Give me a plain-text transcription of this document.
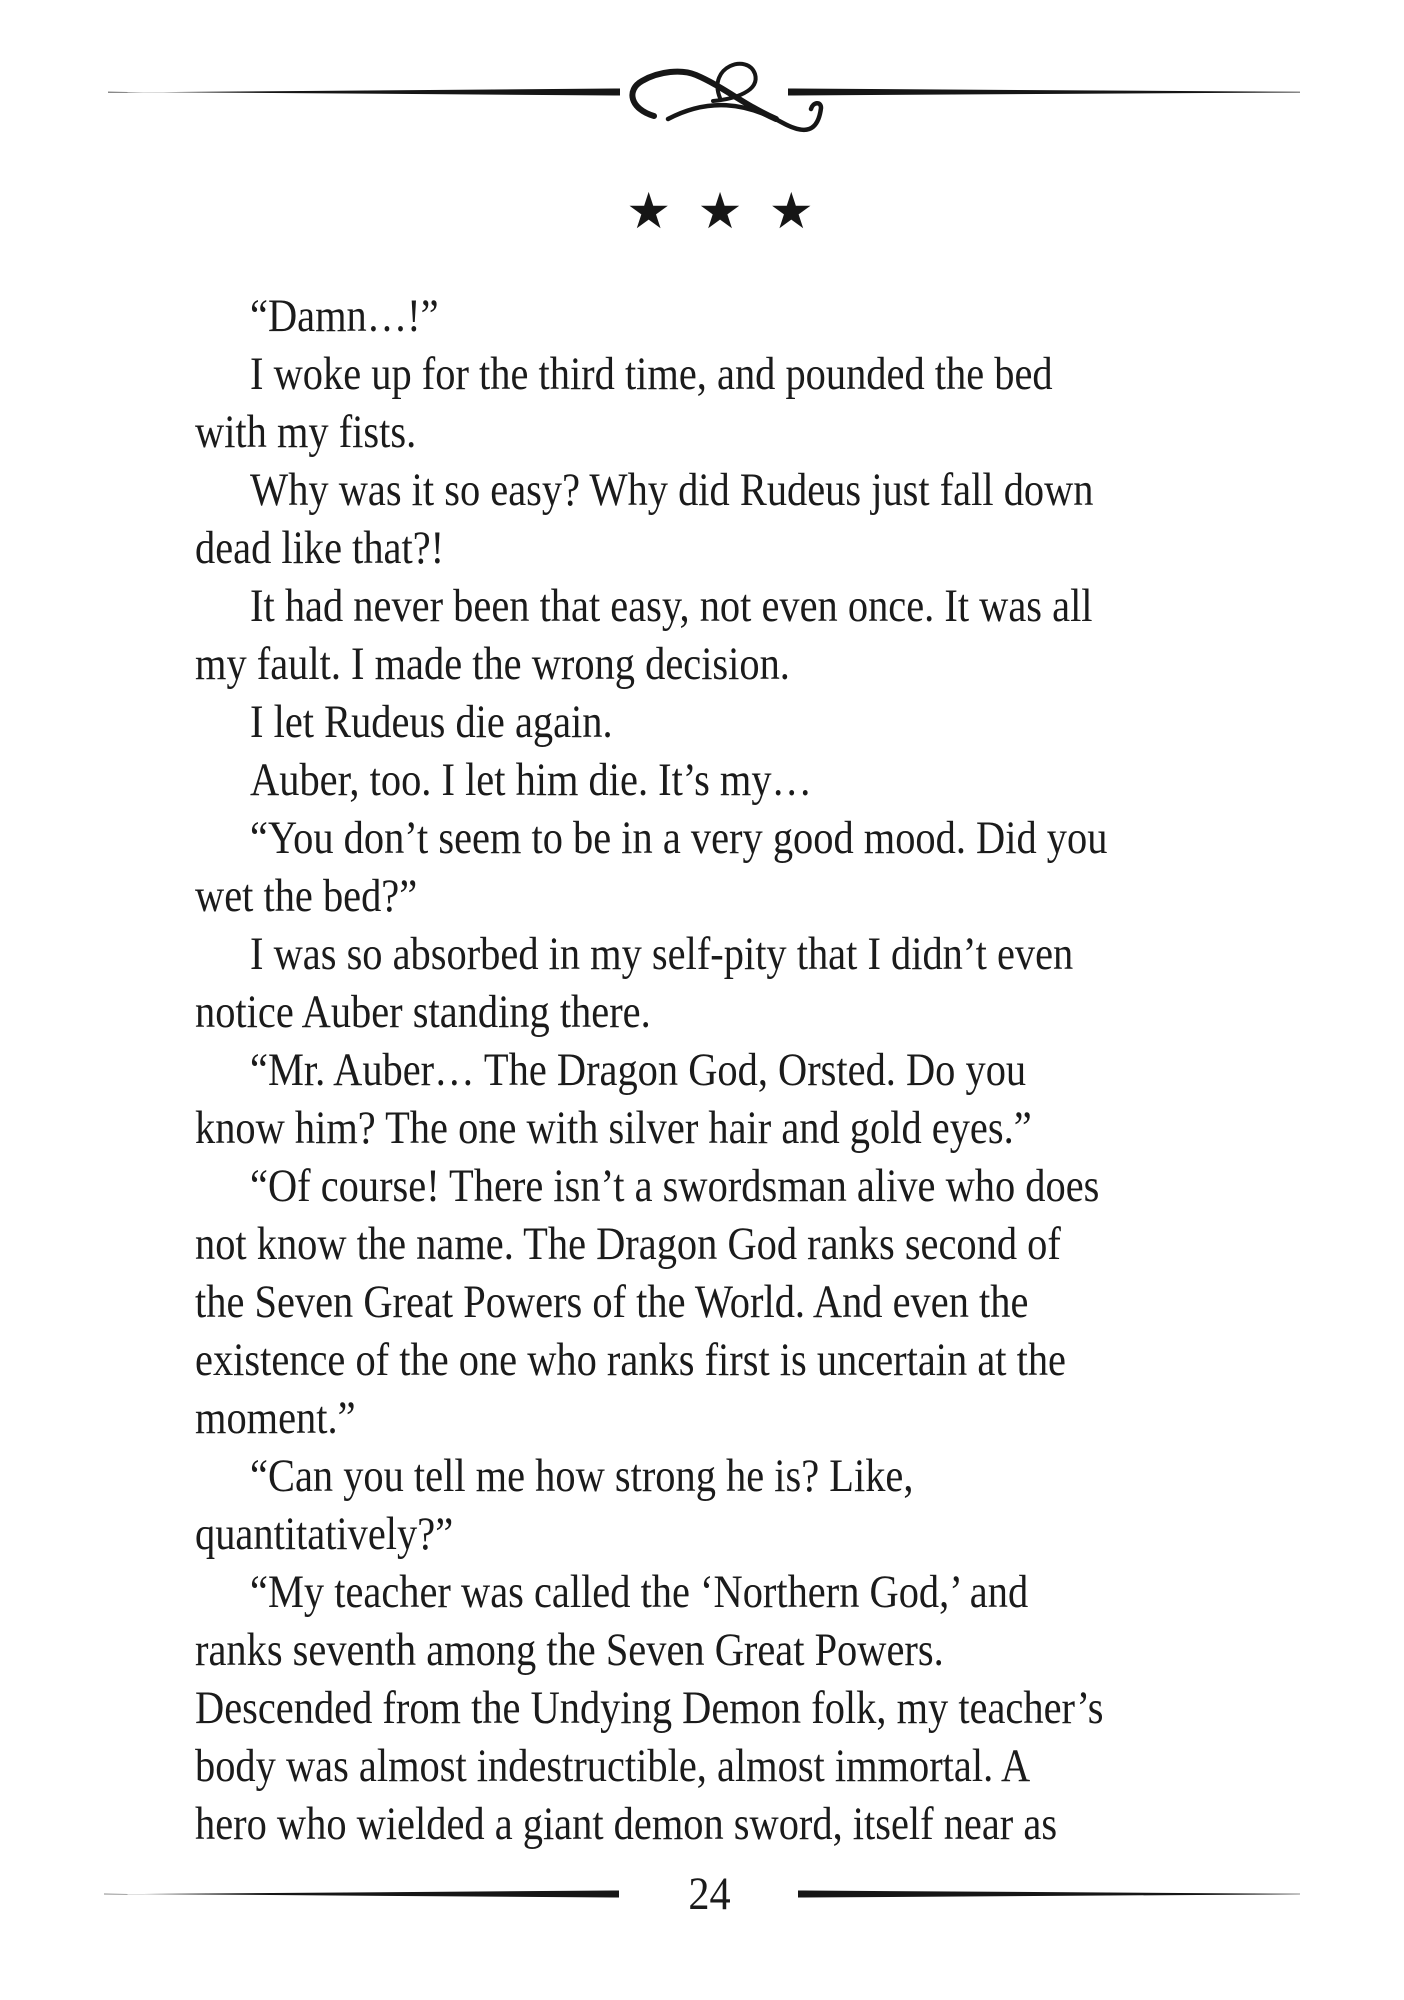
★ ★ ★
“Damn…!”
I woke up for the third time, and pounded the bed
with my fists.
Why was it so easy? Why did Rudeus just fall down
dead like that?!
It had never been that easy, not even once. It was all
my fault. I made the wrong decision.
I let Rudeus die again.
Auber, too. I let him die. It’s my…
“You don’t seem to be in a very good mood. Did you
wet the bed?”
I was so absorbed in my self-pity that I didn’t even
notice Auber standing there.
“Mr. Auber… The Dragon God, Orsted. Do you
know him? The one with silver hair and gold eyes.”
“Of course! There isn’t a swordsman alive who does
not know the name. The Dragon God ranks second of
the Seven Great Powers of the World. And even the
existence of the one who ranks first is uncertain at the
moment.”
“Can you tell me how strong he is? Like,
quantitatively?”
“My teacher was called the ‘Northern God,’ and
ranks seventh among the Seven Great Powers.
Descended from the Undying Demon folk, my teacher’s
body was almost indestructible, almost immortal. A
hero who wielded a giant demon sword, itself near as
24
